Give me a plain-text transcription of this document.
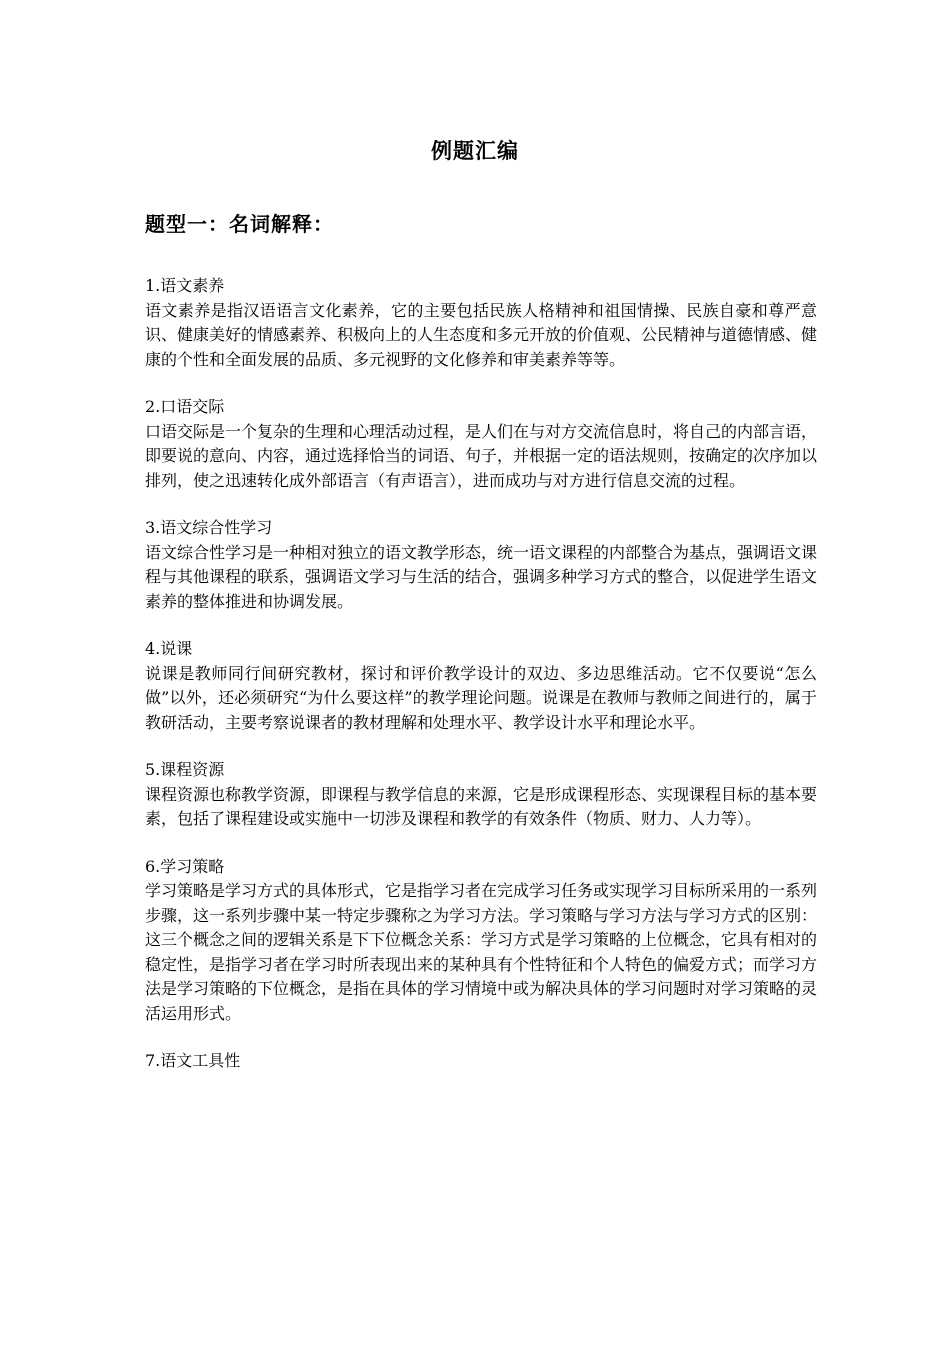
例题汇编
题型一：名词解释：
1.语文素养
语文素养是指汉语语言文化素养，它的主要包括民族人格精神和祖国情操、民族自豪和尊严意识、健康美好的情感素养、积极向上的人生态度和多元开放的价值观、公民精神与道德情感、健康的个性和全面发展的品质、多元视野的文化修养和审美素养等等。
2.口语交际
口语交际是一个复杂的生理和心理活动过程，是人们在与对方交流信息时，将自己的内部言语，即要说的意向、内容，通过选择恰当的词语、句子，并根据一定的语法规则，按确定的次序加以排列，使之迅速转化成外部语言（有声语言），进而成功与对方进行信息交流的过程。
3.语文综合性学习
语文综合性学习是一种相对独立的语文教学形态，统一语文课程的内部整合为基点，强调语文课程与其他课程的联系，强调语文学习与生活的结合，强调多种学习方式的整合，以促进学生语文素养的整体推进和协调发展。
4.说课
说课是教师同行间研究教材，探讨和评价教学设计的双边、多边思维活动。它不仅要说“怎么做”以外，还必须研究“为什么要这样”的教学理论问题。说课是在教师与教师之间进行的，属于教研活动，主要考察说课者的教材理解和处理水平、教学设计水平和理论水平。
5.课程资源
课程资源也称教学资源，即课程与教学信息的来源，它是形成课程形态、实现课程目标的基本要素，包括了课程建设或实施中一切涉及课程和教学的有效条件（物质、财力、人力等）。
6.学习策略
学习策略是学习方式的具体形式，它是指学习者在完成学习任务或实现学习目标所采用的一系列步骤，这一系列步骤中某一特定步骤称之为学习方法。学习策略与学习方法与学习方式的区别：这三个概念之间的逻辑关系是下下位概念关系：学习方式是学习策略的上位概念，它具有相对的稳定性，是指学习者在学习时所表现出来的某种具有个性特征和个人特色的偏爱方式；而学习方法是学习策略的下位概念，是指在具体的学习情境中或为解决具体的学习问题时对学习策略的灵活运用形式。
7.语文工具性
